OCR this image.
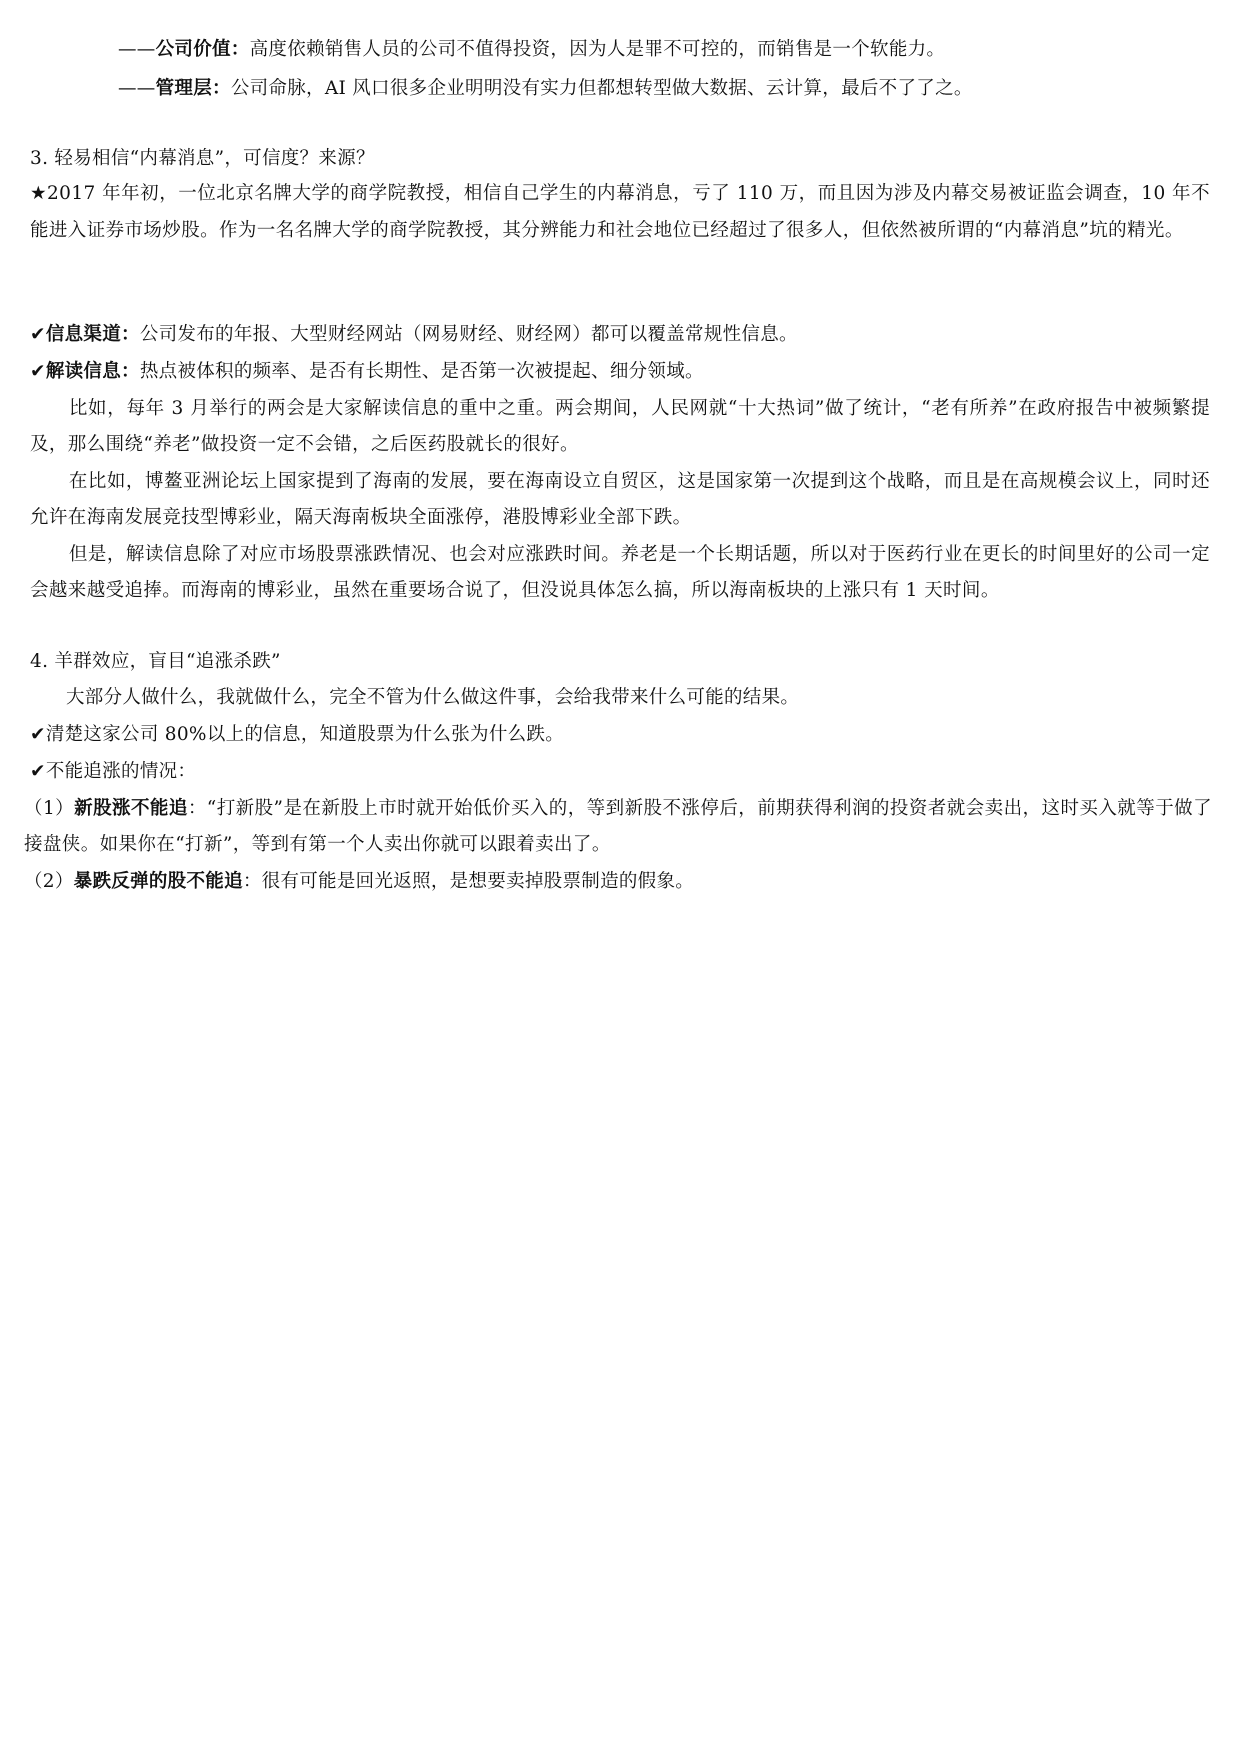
——公司价值：高度依赖销售人员的公司不值得投资，因为人是罪不可控的，而销售是一个软能力。
——管理层：公司命脉，AI 风口很多企业明明没有实力但都想转型做大数据、云计算，最后不了了之。
3. 轻易相信“内幕消息”，可信度？来源？
★2017 年年初，一位北京名牌大学的商学院教授，相信自己学生的内幕消息，亏了 110 万，而且因为涉及内幕交易被证监会调查，10 年不能进入证券市场炒股。作为一名名牌大学的商学院教授，其分辨能力和社会地位已经超过了很多人，但依然被所谓的“内幕消息”坑的精光。
✔信息渠道：公司发布的年报、大型财经网站（网易财经、财经网）都可以覆盖常规性信息。
✔解读信息：热点被体积的频率、是否有长期性、是否第一次被提起、细分领域。
比如，每年 3 月举行的两会是大家解读信息的重中之重。两会期间，人民网就“十大热词”做了统计，“老有所养”在政府报告中被频繁提及，那么围绕“养老”做投资一定不会错，之后医药股就长的很好。
在比如，博鳌亚洲论坛上国家提到了海南的发展，要在海南设立自贸区，这是国家第一次提到这个战略，而且是在高规模会议上，同时还允许在海南发展竞技型博彩业，隔天海南板块全面涨停，港股博彩业全部下跌。
但是，解读信息除了对应市场股票涨跌情况、也会对应涨跌时间。养老是一个长期话题，所以对于医药行业在更长的时间里好的公司一定会越来越受追捧。而海南的博彩业，虽然在重要场合说了，但没说具体怎么搞，所以海南板块的上涨只有 1 天时间。
4. 羊群效应，盲目“追涨杀跌”
大部分人做什么，我就做什么，完全不管为什么做这件事，会给我带来什么可能的结果。
✔清楚这家公司 80%以上的信息，知道股票为什么张为什么跌。
✔不能追涨的情况：
（1）新股涨不能追：“打新股”是在新股上市时就开始低价买入的，等到新股不涨停后，前期获得利润的投资者就会卖出，这时买入就等于做了接盘侠。如果你在“打新”，等到有第一个人卖出你就可以跟着卖出了。
（2）暴跌反弹的股不能追：很有可能是回光返照，是想要卖掉股票制造的假象。
